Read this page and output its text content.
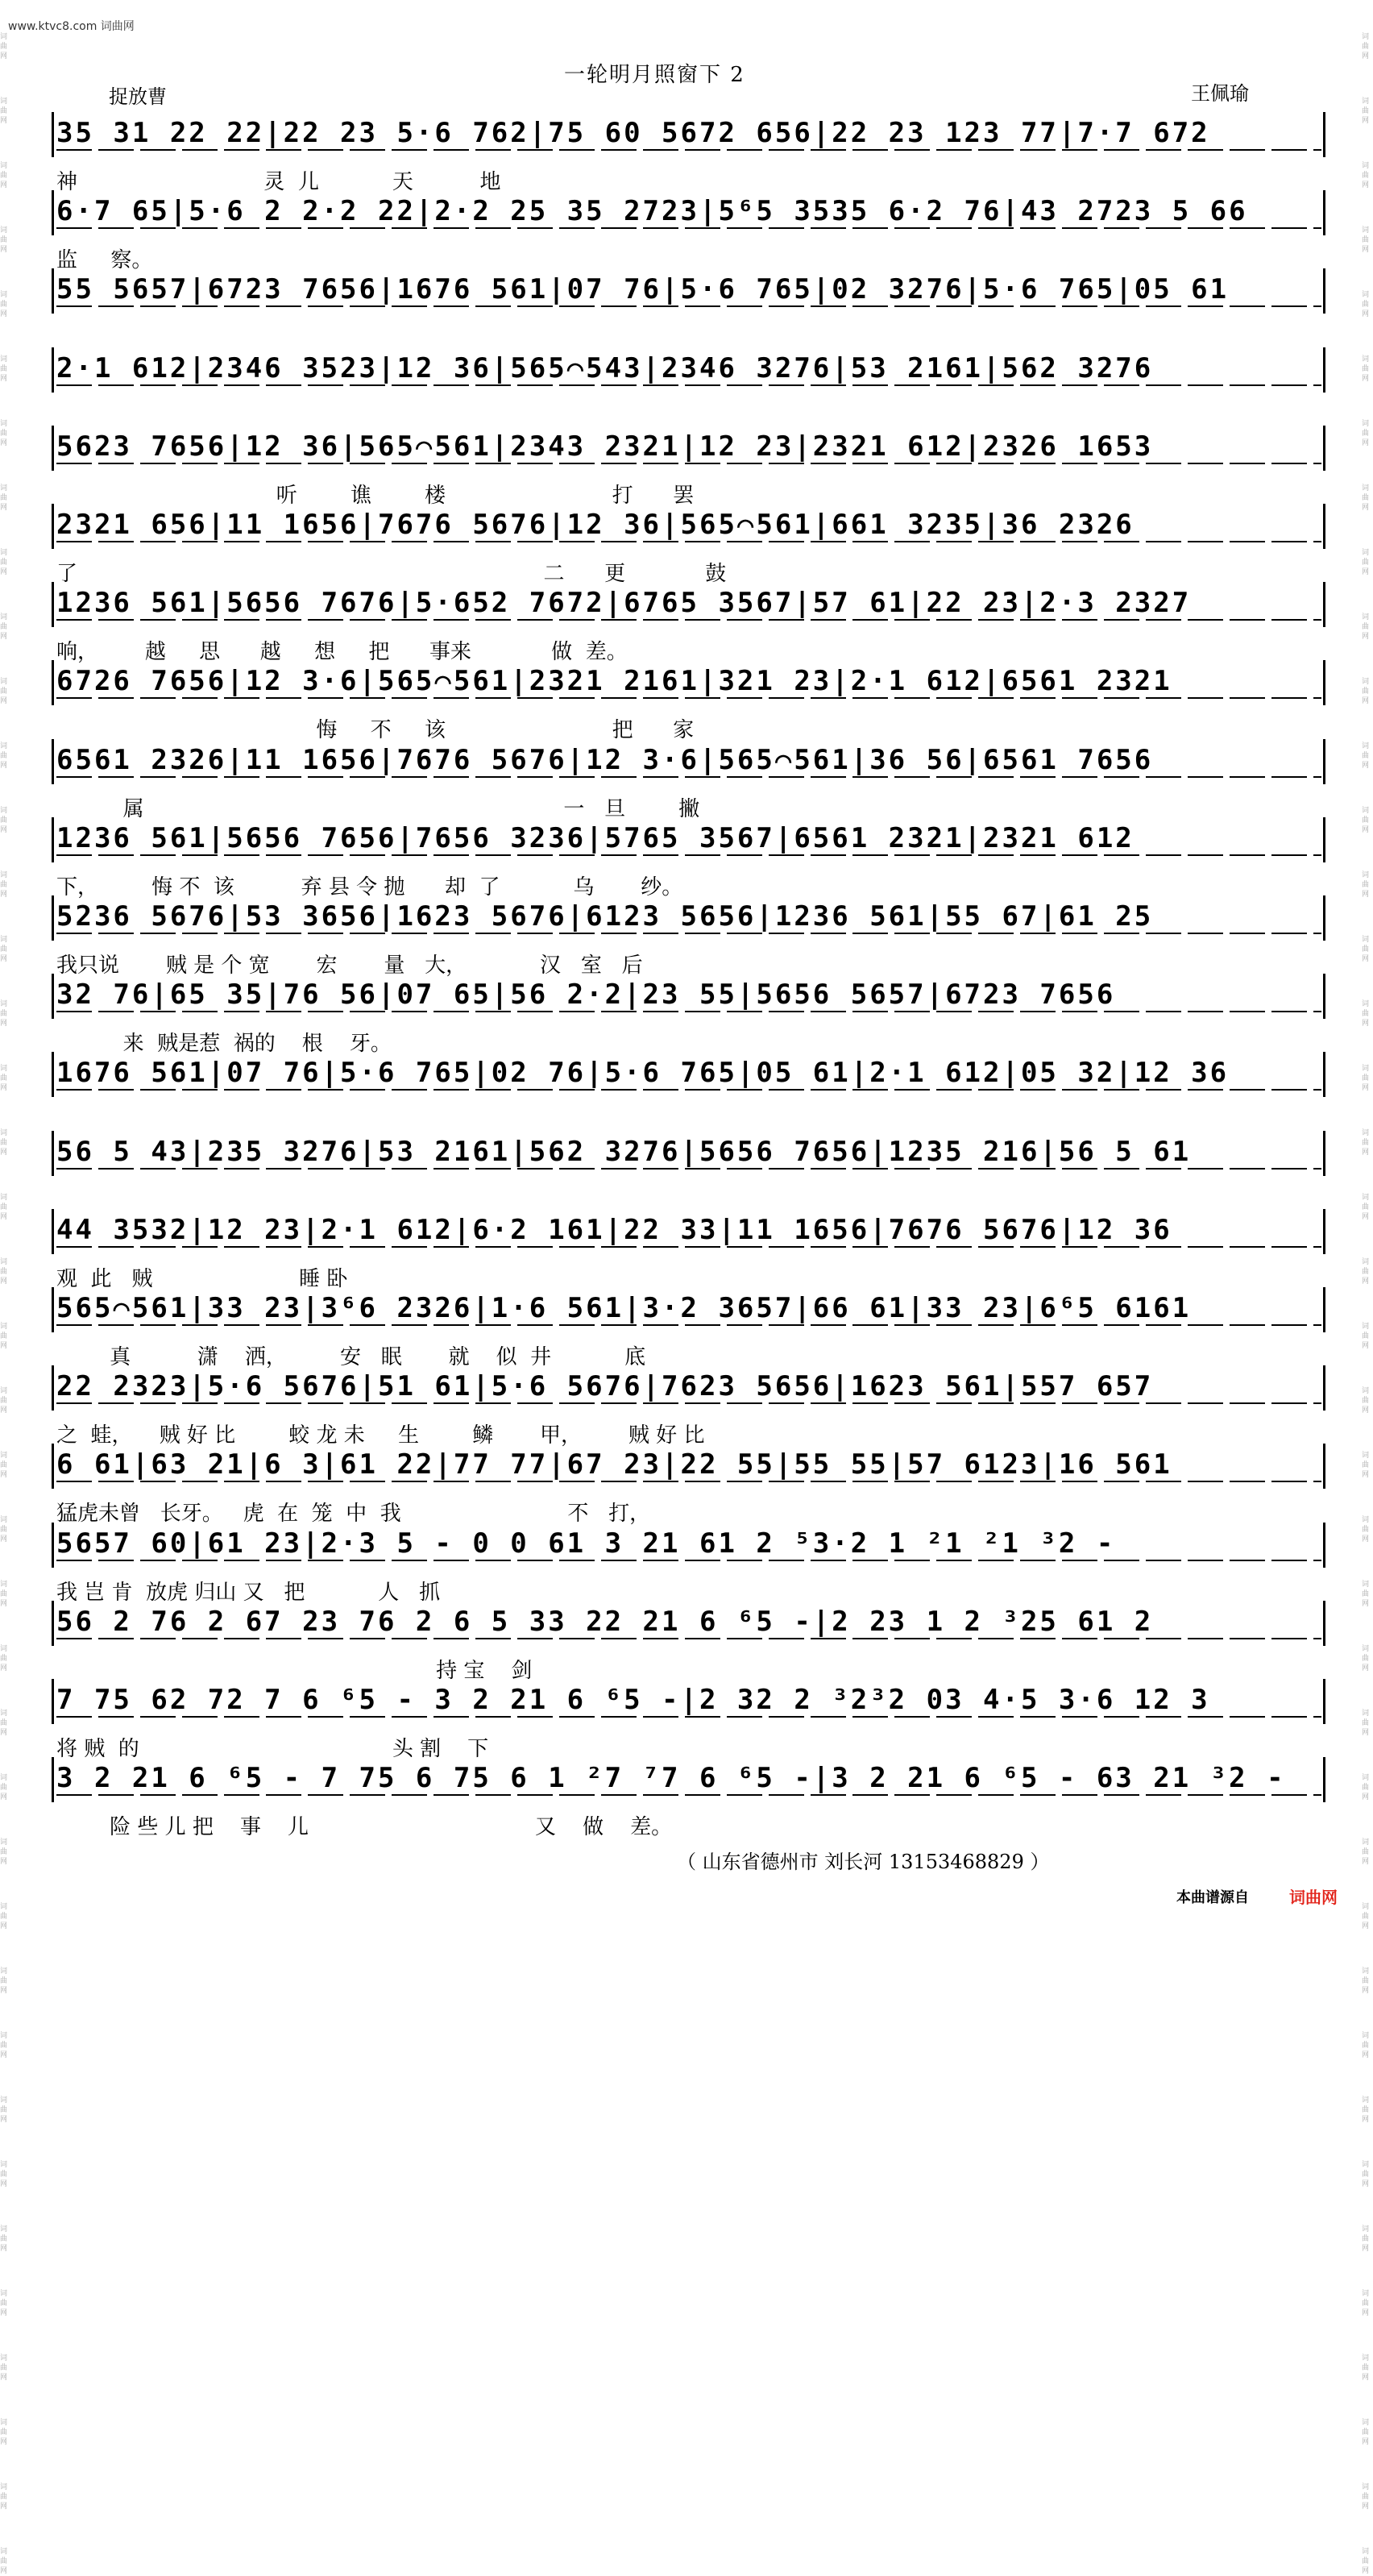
词曲网
词曲网
词曲网
词曲网
词曲网
词曲网
词曲网
词曲网
词曲网
词曲网
词曲网
词曲网
词曲网
词曲网
词曲网
词曲网
词曲网
词曲网
词曲网
词曲网
词曲网
词曲网
词曲网
词曲网
词曲网
词曲网
词曲网
词曲网
词曲网
词曲网
词曲网
词曲网
词曲网
词曲网
词曲网
词曲网
词曲网
词曲网
词曲网
词曲网
词曲网
词曲网
词曲网
词曲网
词曲网
词曲网
词曲网
词曲网
词曲网
词曲网
词曲网
词曲网
词曲网
词曲网
词曲网
词曲网
词曲网
词曲网
词曲网
词曲网
词曲网
词曲网
词曲网
词曲网
词曲网
词曲网
词曲网
词曲网
词曲网
词曲网
词曲网
词曲网
词曲网
词曲网
词曲网
词曲网
词曲网
词曲网
词曲网
词曲网
www.ktvc8.com 词曲网
一轮明月照窗下 2
捉放曹	王佩瑜
35 31 22 22|22 23 5·6 762|75 60 5672 656|22 23 123 77|7·7 672
神                            灵  儿           天          地
6·7 65|5·6 2 2·2 22|2·2 25 35 2723|5⁶5 3535 6·2 76|43 2723 5 66
监     察。
55 5657|6723 7656|1676 561|07 76|5·6 765|02 3276|5·6 765|05 61
2·1 612|2346 3523|12 36|565⌒543|2346 3276|53 2161|562 3276
5623 7656|12 36|565⌒561|2343 2321|12 23|2321 612|2326 1653
听        谯        楼                         打      罢
2321 656|11 1656|7676 5676|12 36|565⌒561|661 3235|36 2326
了                                                                      二      更            鼓
1236 561|5656 7676|5·652 7672|6765 3567|57 61|22 23|2·3 2327
响，       越     思      越     想     把      事来            做  差。
6726 7656|12 3·6|565⌒561|2321 2161|321 23|2·1 612|6561 2321
悔     不     该                         把      家
6561 2326|11 1656|7676 5676|12 3·6|565⌒561|36 56|6561 7656
属                                                               一   旦        撇
1236 561|5656 7656|7656 3236|5765 3567|6561 2321|2321 612
下，        悔 不  该          弃 县 令 抛      却  了           乌       纱。
5236 5676|53 3656|1623 5676|6123 5656|1236 561|55 67|61 25
我只说       贼 是 个 宽       宏       量   大，           汉   室   后
32 76|65 35|76 56|07 65|56 2·2|23 55|5656 5657|6723 7656
来  贼是惹  祸的    根    牙。
1676 561|07 76|5·6 765|02 76|5·6 765|05 61|2·1 612|05 32|12 36
56 5 43|235 3276|53 2161|562 3276|5656 7656|1235 216|56 5 61
44 3532|12 23|2·1 612|6·2 161|22 33|11 1656|7676 5676|12 36
观  此   贼                      睡 卧
565⌒561|33 23|3⁶6 2326|1·6 561|3·2 3657|66 61|33 23|6⁶5 6161
真          潇    洒，        安   眠       就    似  井           底
22 2323|5·6 5676|51 61|5·6 5676|7623 5656|1623 561|557 657
之  蛙，    贼 好 比        蛟 龙 未     生        鳞       甲，       贼 好 比
6 61|63 21|6 3|61 22|77 77|67 23|22 55|55 55|57 6123|16 561
猛虎未曾   长牙。   虎  在  笼  中  我                         不   打，
5657 60|61 23|2·3 5 - 0 0 61 3 21 61 2 ⁵3·2 1 ²1 ²1 ³2 -
我 岂 肯  放虎 归山 又   把           人   抓
56 2 76 2 67 23 76 2 6 5 33 22 21 6 ⁶5 -|2 23 1 2 ³25 61 2
持 宝    剑
7 75 62 72 7 6 ⁶5 - 3 2 21 6 ⁶5 -|2 32 2 ³2³2 03 4·5 3·6 12 3
将 贼  的                                      头 割    下
3 2 21 6 ⁶5 - 7 75 6 75 6 1 ²7 ⁷7 6 ⁶5 -|3 2 21 6 ⁶5 - 63 21 ³2 -
险 些 儿 把    事    儿                                  又    做    差。
（ 山东省德州市 刘长河 13153468829 ）
本曲谱源自	词曲网
